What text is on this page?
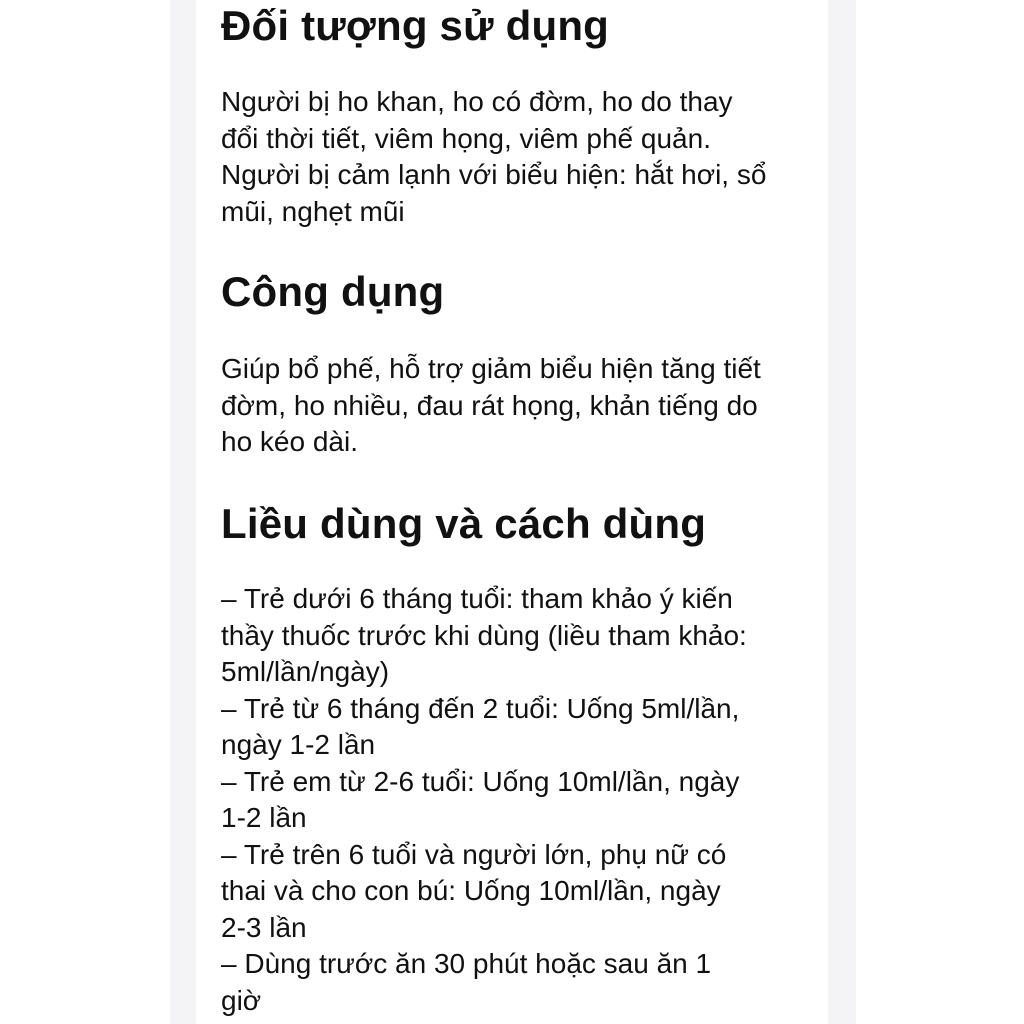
Đối tượng sử dụng

Người bị ho khan, ho có đờm, ho do thay
đổi thời tiết, viêm họng, viêm phế quản.
Người bị cảm lạnh với biểu hiện: hắt hơi, sổ
mũi, nghẹt mũi

Công dụng

Giúp bổ phế, hỗ trợ giảm biểu hiện tăng tiết
đờm, ho nhiều, đau rát họng, khản tiếng do
ho kéo dài.

Liều dùng và cách dùng

– Trẻ dưới 6 tháng tuổi: tham khảo ý kiến
thầy thuốc trước khi dùng (liều tham khảo:
5ml/lần/ngày)
– Trẻ từ 6 tháng đến 2 tuổi: Uống 5ml/lần,
ngày 1-2 lần
– Trẻ em từ 2-6 tuổi: Uống 10ml/lần, ngày
1-2 lần
– Trẻ trên 6 tuổi và người lớn, phụ nữ có
thai và cho con bú: Uống 10ml/lần, ngày
2-3 lần
– Dùng trước ăn 30 phút hoặc sau ăn 1
giờ
